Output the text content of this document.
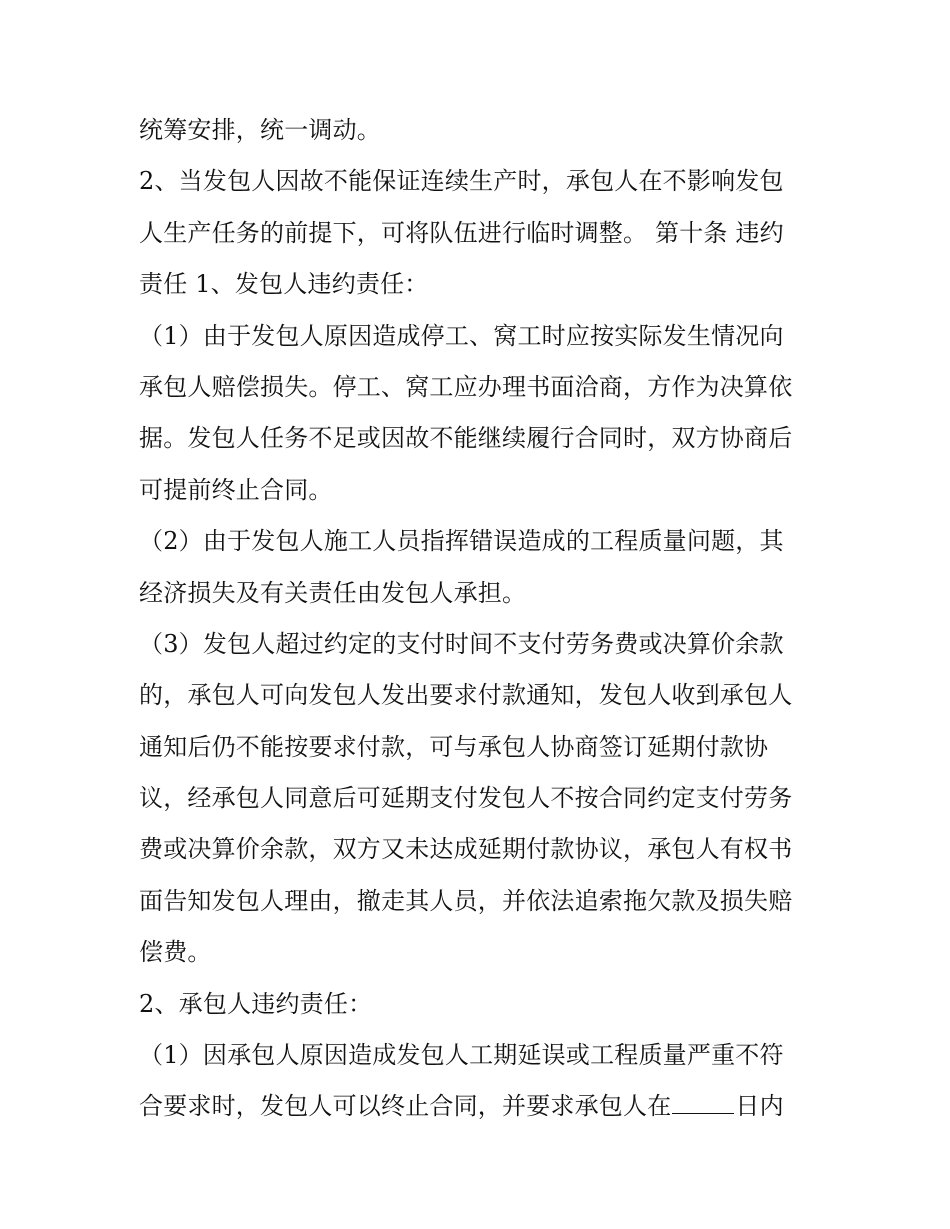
统筹安排，统一调动。
2、当发包人因故不能保证连续生产时，承包人在不影响发包
人生产任务的前提下，可将队伍进行临时调整。 第十条 违约
责任 1、发包人违约责任：
（1）由于发包人原因造成停工、窝工时应按实际发生情况向
承包人赔偿损失。停工、窝工应办理书面洽商，方作为决算依
据。发包人任务不足或因故不能继续履行合同时，双方协商后
可提前终止合同。
（2）由于发包人施工人员指挥错误造成的工程质量问题，其
经济损失及有关责任由发包人承担。
（3）发包人超过约定的支付时间不支付劳务费或决算价余款
的，承包人可向发包人发出要求付款通知，发包人收到承包人
通知后仍不能按要求付款，可与承包人协商签订延期付款协
议，经承包人同意后可延期支付发包人不按合同约定支付劳务
费或决算价余款，双方又未达成延期付款协议，承包人有权书
面告知发包人理由，撤走其人员，并依法追索拖欠款及损失赔
偿费。
2、承包人违约责任：
（1）因承包人原因造成发包人工期延误或工程质量严重不符
合要求时，发包人可以终止合同，并要求承包人在	日内
